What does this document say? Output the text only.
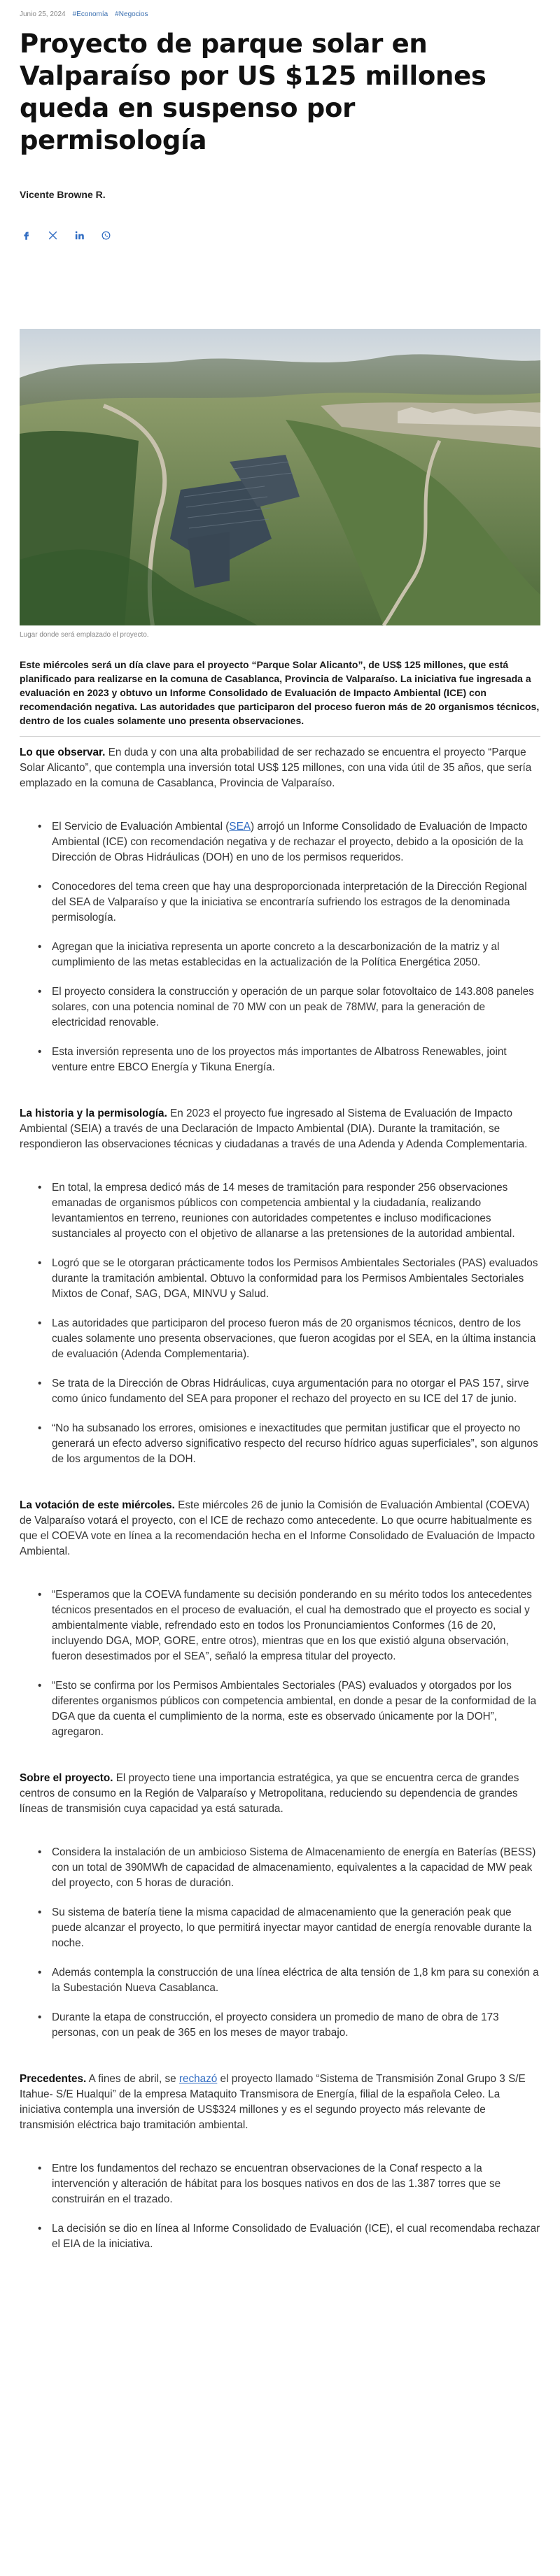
Junio 25, 2024 #Economía #Negocios
Proyecto de parque solar en Valparaíso por US $125 millones queda en suspenso por permisología
Vicente Browne R.
Lugar donde será emplazado el proyecto.
Este miércoles será un día clave para el proyecto “Parque Solar Alicanto”, de US$ 125 millones, que está planificado para realizarse en la comuna de Casablanca, Provincia de Valparaíso. La iniciativa fue ingresada a evaluación en 2023 y obtuvo un Informe Consolidado de Evaluación de Impacto Ambiental (ICE) con recomendación negativa. Las autoridades que participaron del proceso fueron más de 20 organismos técnicos, dentro de los cuales solamente uno presenta observaciones.

Lo que observar. En duda y con una alta probabilidad de ser rechazado se encuentra el proyecto “Parque Solar Alicanto”, que contempla una inversión total US$ 125 millones, con una vida útil de 35 años, que sería emplazado en la comuna de Casablanca, Provincia de Valparaíso.

• El Servicio de Evaluación Ambiental (SEA) arrojó un Informe Consolidado de Evaluación de Impacto Ambiental (ICE) con recomendación negativa y de rechazar el proyecto, debido a la oposición de la Dirección de Obras Hidráulicas (DOH) en uno de los permisos requeridos.
• Conocedores del tema creen que hay una desproporcionada interpretación de la Dirección Regional del SEA de Valparaíso y que la iniciativa se encontraría sufriendo los estragos de la denominada permisología.
• Agregan que la iniciativa representa un aporte concreto a la descarbonización de la matriz y al cumplimiento de las metas establecidas en la actualización de la Política Energética 2050.
• El proyecto considera la construcción y operación de un parque solar fotovoltaico de 143.808 paneles solares, con una potencia nominal de 70 MW con un peak de 78MW, para la generación de electricidad renovable.
• Esta inversión representa uno de los proyectos más importantes de Albatross Renewables, joint venture entre EBCO Energía y Tikuna Energía.

La historia y la permisología. En 2023 el proyecto fue ingresado al Sistema de Evaluación de Impacto Ambiental (SEIA) a través de una Declaración de Impacto Ambiental (DIA). Durante la tramitación, se respondieron las observaciones técnicas y ciudadanas a través de una Adenda y Adenda Complementaria.

• En total, la empresa dedicó más de 14 meses de tramitación para responder 256 observaciones emanadas de organismos públicos con competencia ambiental y la ciudadanía, realizando levantamientos en terreno, reuniones con autoridades competentes e incluso modificaciones sustanciales al proyecto con el objetivo de allanarse a las pretensiones de la autoridad ambiental.
• Logró que se le otorgaran prácticamente todos los Permisos Ambientales Sectoriales (PAS) evaluados durante la tramitación ambiental. Obtuvo la conformidad para los Permisos Ambientales Sectoriales Mixtos de Conaf, SAG, DGA, MINVU y Salud.
• Las autoridades que participaron del proceso fueron más de 20 organismos técnicos, dentro de los cuales solamente uno presenta observaciones, que fueron acogidas por el SEA, en la última instancia de evaluación (Adenda Complementaria).
• Se trata de la Dirección de Obras Hidráulicas, cuya argumentación para no otorgar el PAS 157, sirve como único fundamento del SEA para proponer el rechazo del proyecto en su ICE del 17 de junio.
• “No ha subsanado los errores, omisiones e inexactitudes que permitan justificar que el proyecto no generará un efecto adverso significativo respecto del recurso hídrico aguas superficiales”, son algunos de los argumentos de la DOH.

La votación de este miércoles. Este miércoles 26 de junio la Comisión de Evaluación Ambiental (COEVA) de Valparaíso votará el proyecto, con el ICE de rechazo como antecedente. Lo que ocurre habitualmente es que el COEVA vote en línea a la recomendación hecha en el Informe Consolidado de Evaluación de Impacto Ambiental.

• “Esperamos que la COEVA fundamente su decisión ponderando en su mérito todos los antecedentes técnicos presentados en el proceso de evaluación, el cual ha demostrado que el proyecto es social y ambientalmente viable, refrendado esto en todos los Pronunciamientos Conformes (16 de 20, incluyendo DGA, MOP, GORE, entre otros), mientras que en los que existió alguna observación, fueron desestimados por el SEA”, señaló la empresa titular del proyecto.
• “Esto se confirma por los Permisos Ambientales Sectoriales (PAS) evaluados y otorgados por los diferentes organismos públicos con competencia ambiental, en donde a pesar de la conformidad de la DGA que da cuenta el cumplimiento de la norma, este es observado únicamente por la DOH”, agregaron.

Sobre el proyecto. El proyecto tiene una importancia estratégica, ya que se encuentra cerca de grandes centros de consumo en la Región de Valparaíso y Metropolitana, reduciendo su dependencia de grandes líneas de transmisión cuya capacidad ya está saturada.

• Considera la instalación de un ambicioso Sistema de Almacenamiento de energía en Baterías (BESS) con un total de 390MWh de capacidad de almacenamiento, equivalentes a la capacidad de MW peak del proyecto, con 5 horas de duración.
• Su sistema de batería tiene la misma capacidad de almacenamiento que la generación peak que puede alcanzar el proyecto, lo que permitirá inyectar mayor cantidad de energía renovable durante la noche.
• Además contempla la construcción de una línea eléctrica de alta tensión de 1,8 km para su conexión a la Subestación Nueva Casablanca.
• Durante la etapa de construcción, el proyecto considera un promedio de mano de obra de 173 personas, con un peak de 365 en los meses de mayor trabajo.

Precedentes. A fines de abril, se rechazó el proyecto llamado “Sistema de Transmisión Zonal Grupo 3 S/E Itahue- S/E Hualqui” de la empresa Mataquito Transmisora de Energía, filial de la española Celeo. La iniciativa contempla una inversión de US$324 millones y es el segundo proyecto más relevante de transmisión eléctrica bajo tramitación ambiental.

• Entre los fundamentos del rechazo se encuentran observaciones de la Conaf respecto a la intervención y alteración de hábitat para los bosques nativos en dos de las 1.387 torres que se construirán en el trazado.
• La decisión se dio en línea al Informe Consolidado de Evaluación (ICE), el cual recomendaba rechazar el EIA de la iniciativa.
